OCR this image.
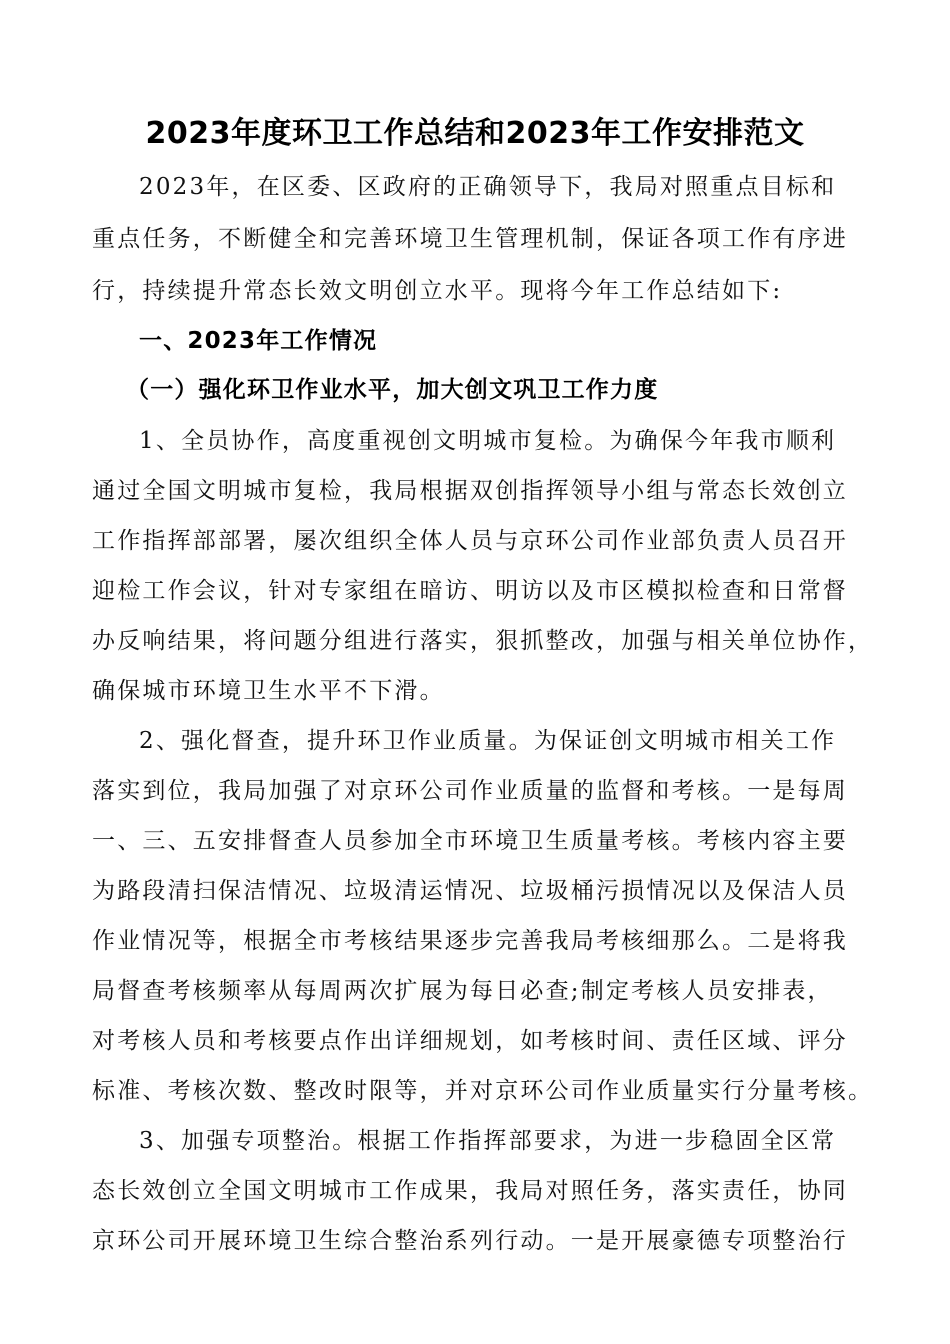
2023年度环卫工作总结和2023年工作安排范文
2023年，在区委、区政府的正确领导下，我局对照重点目标和
重点任务，不断健全和完善环境卫生管理机制，保证各项工作有序进
行，持续提升常态长效文明创立水平。现将今年工作总结如下:
一、2023年工作情况
（一）强化环卫作业水平，加大创文巩卫工作力度
1、全员协作，高度重视创文明城市复检。为确保今年我市顺利
通过全国文明城市复检，我局根据双创指挥领导小组与常态长效创立
工作指挥部部署，屡次组织全体人员与京环公司作业部负责人员召开
迎检工作会议，针对专家组在暗访、明访以及市区模拟检查和日常督
办反响结果，将问题分组进行落实，狠抓整改，加强与相关单位协作，
确保城市环境卫生水平不下滑。
2、强化督查，提升环卫作业质量。为保证创文明城市相关工作
落实到位，我局加强了对京环公司作业质量的监督和考核。一是每周
一、三、五安排督查人员参加全市环境卫生质量考核。考核内容主要
为路段清扫保洁情况、垃圾清运情况、垃圾桶污损情况以及保洁人员
作业情况等，根据全市考核结果逐步完善我局考核细那么。二是将我
局督查考核频率从每周两次扩展为每日必查;制定考核人员安排表，
对考核人员和考核要点作出详细规划，如考核时间、责任区域、评分
标准、考核次数、整改时限等，并对京环公司作业质量实行分量考核。
3、加强专项整治。根据工作指挥部要求，为进一步稳固全区常
态长效创立全国文明城市工作成果，我局对照任务，落实责任，协同
京环公司开展环境卫生综合整治系列行动。一是开展豪德专项整治行
